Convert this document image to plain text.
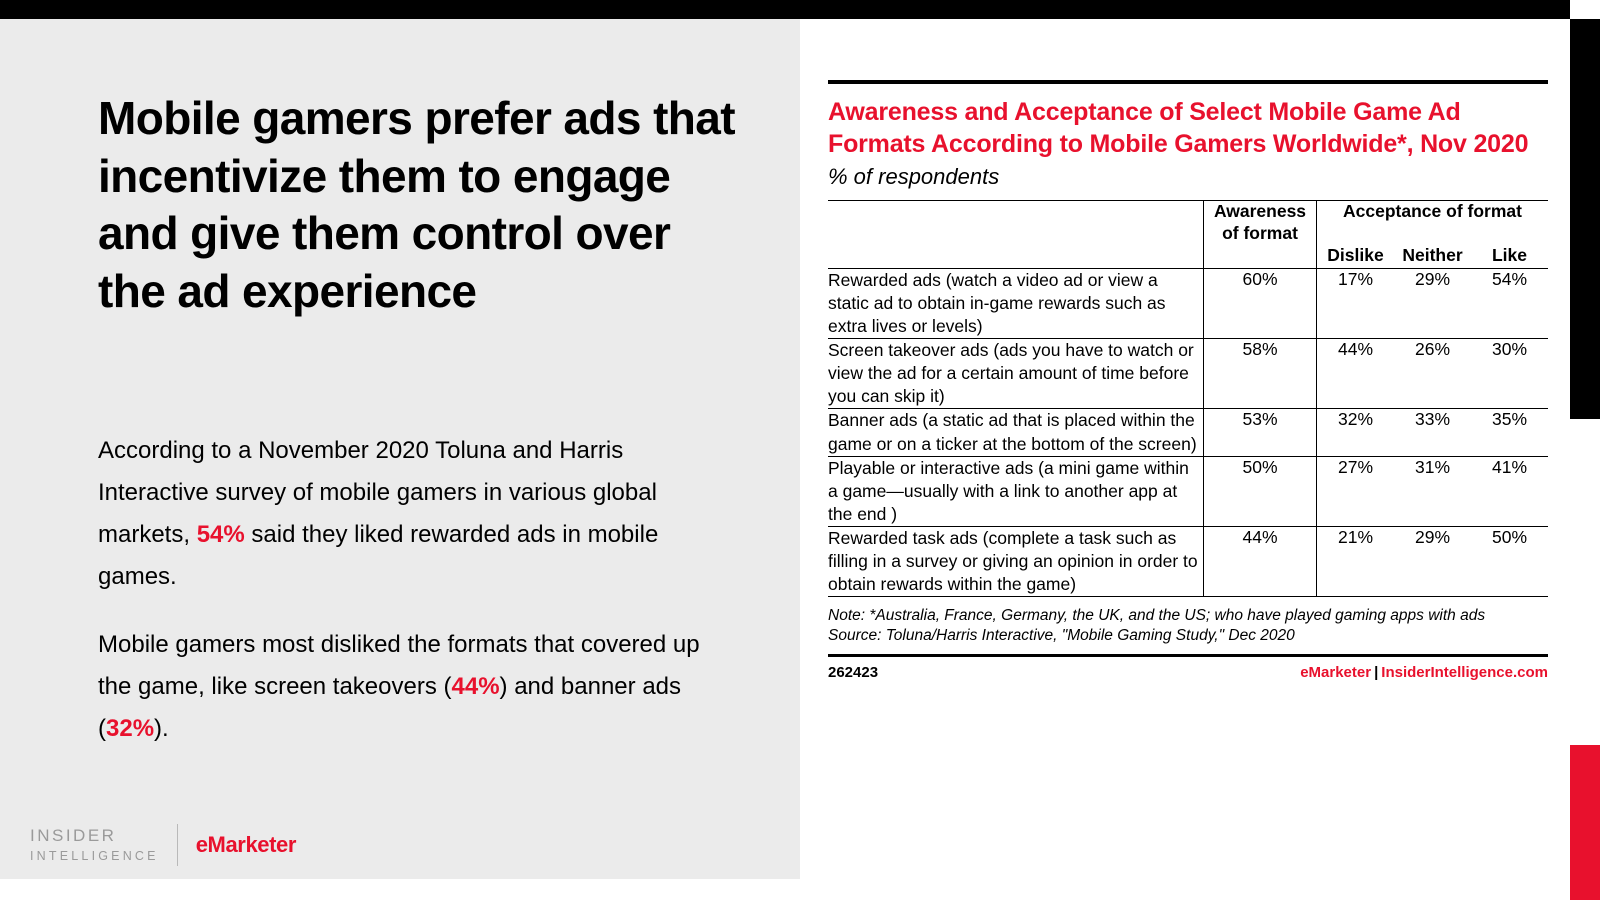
Mobile gamers prefer ads that incentivize them to engage and give them control over the ad experience

According to a November 2020 Toluna and Harris Interactive survey of mobile gamers in various global markets, 54% said they liked rewarded ads in mobile games.

Mobile gamers most disliked the formats that covered up the game, like screen takeovers (44%) and banner ads (32%).

INSIDER
INTELLIGENCE eMarketer
Awareness and Acceptance of Select Mobile Game Ad Formats According to Mobile Gamers Worldwide*, Nov 2020
% of respondents
	Awareness of format	Acceptance of format		
		Dislike	Neither	Like
Rewarded ads (watch a video ad or view a static ad to obtain in-game rewards such as extra lives or levels)	60%	17%	29%	54%
Screen takeover ads (ads you have to watch or view the ad for a certain amount of time before you can skip it)	58%	44%	26%	30%
Banner ads (a static ad that is placed within the game or on a ticker at the bottom of the screen)	53%	32%	33%	35%
Playable or interactive ads (a mini game within a game—usually with a link to another app at the end )	50%	27%	31%	41%
Rewarded task ads (complete a task such as filling in a survey or giving an opinion in order to obtain rewards within the game)	44%	21%	29%	50%
Note: *Australia, France, Germany, the UK, and the US; who have played gaming apps with ads
Source: Toluna/Harris Interactive, "Mobile Gaming Study," Dec 2020
262423	eMarketer | InsiderIntelligence.com
